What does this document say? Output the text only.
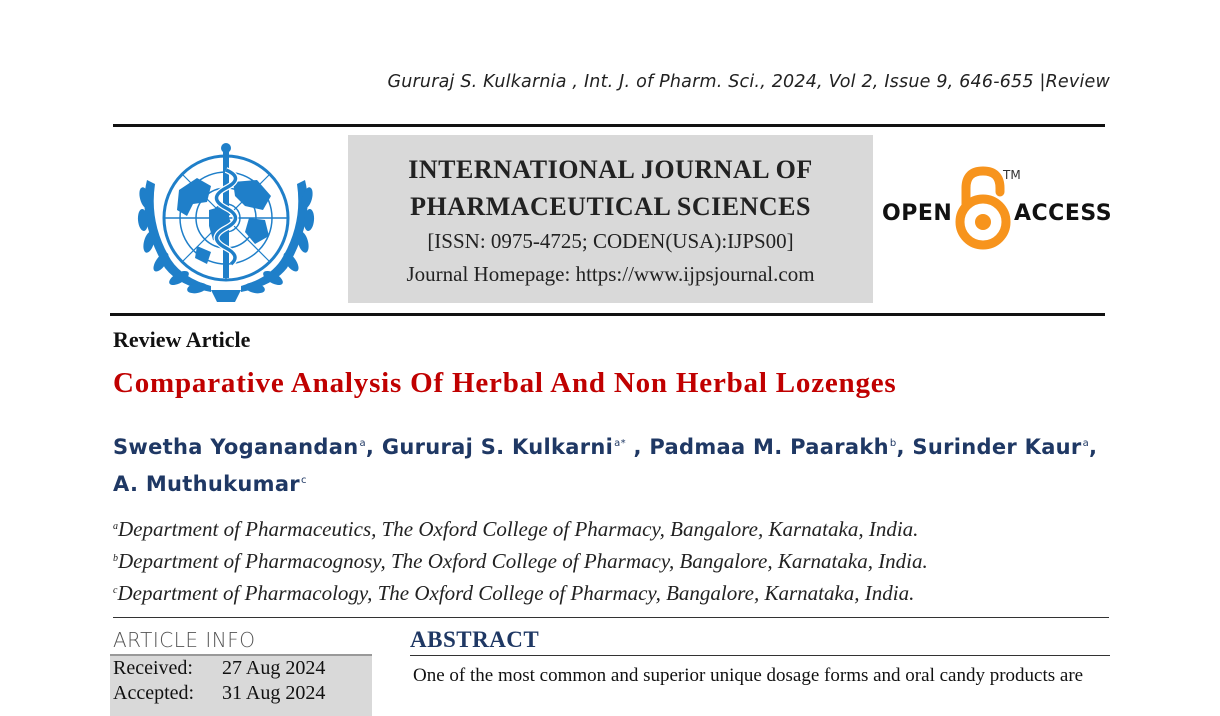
Gururaj S. Kulkarnia , Int. J. of Pharm. Sci., 2024, Vol 2, Issue 9, 646-655 |Review
INTERNATIONAL JOURNAL OF
PHARMACEUTICAL SCIENCES
[ISSN: 0975-4725; CODEN(USA):IJPS00]
Journal Homepage: https://www.ijpsjournal.com
OPEN
TM
ACCESS
Review Article
Comparative Analysis Of Herbal And Non Herbal Lozenges
Swetha Yoganandan$^a$, Gururaj S. Kulkarni$^{a*}$ , Padmaa M. Paarakh$^b$, Surinder Kaur$^a$,
A. Muthukumar$^c$
$^a$Department of Pharmaceutics, The Oxford College of Pharmacy, Bangalore, Karnataka, India.
$^b$Department of Pharmacognosy, The Oxford College of Pharmacy, Bangalore, Karnataka, India.
$^c$Department of Pharmacology, The Oxford College of Pharmacy, Bangalore, Karnataka, India.
ARTICLE INFO
Received: 27 Aug 2024
Accepted: 31 Aug 2024
ABSTRACT
One of the most common and superior unique dosage forms and oral candy products are
